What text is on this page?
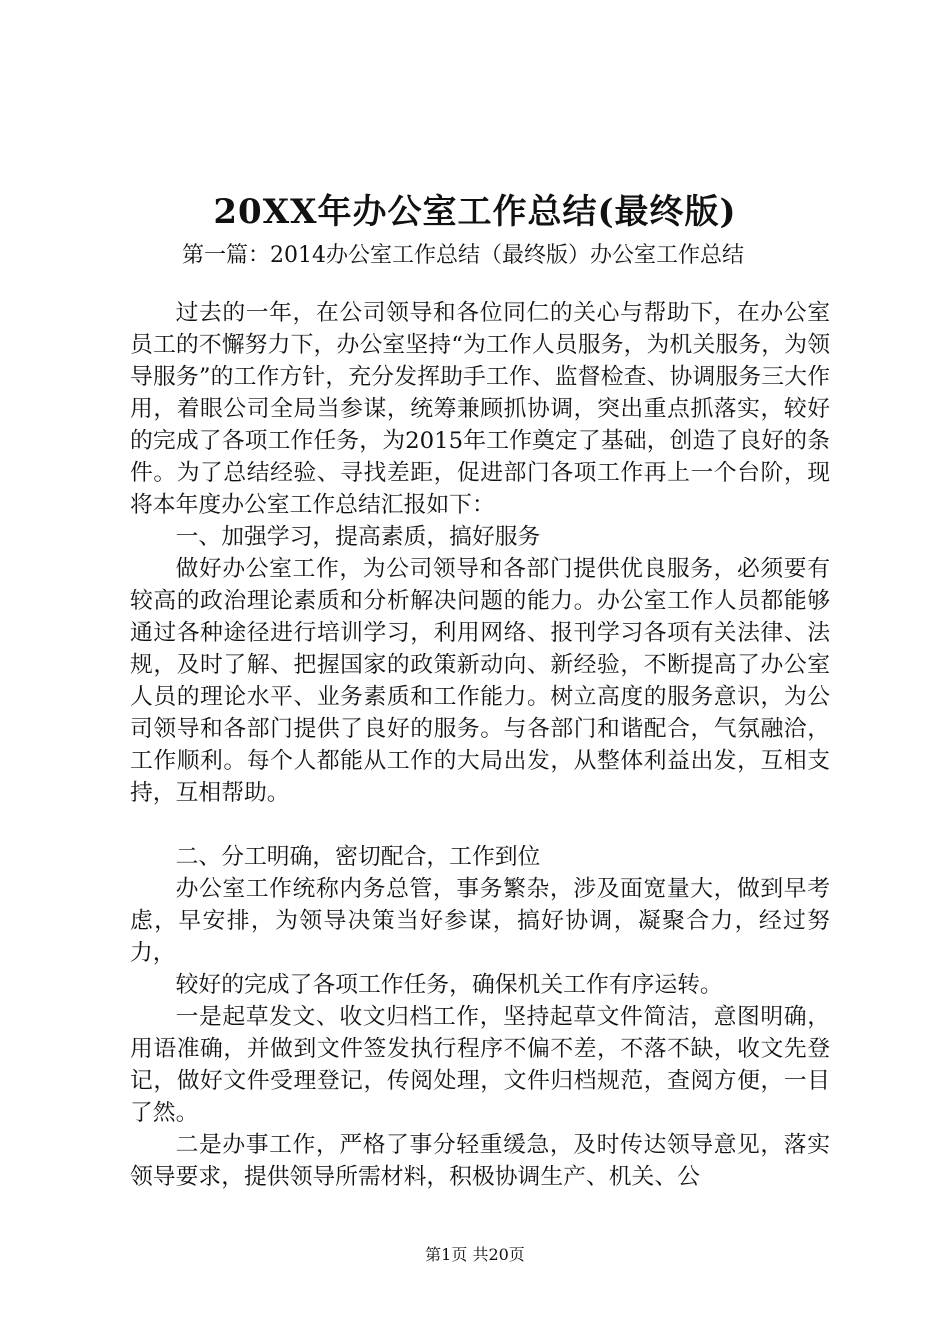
20XX年办公室工作总结(最终版)
第一篇：2014办公室工作总结（最终版）办公室工作总结

过去的一年，在公司领导和各位同仁的关心与帮助下，在办公室员工的不懈努力下，办公室坚持“为工作人员服务，为机关服务，为领导服务”的工作方针，充分发挥助手工作、监督检查、协调服务三大作用，着眼公司全局当参谋，统筹兼顾抓协调，突出重点抓落实，较好的完成了各项工作任务，为2015年工作奠定了基础，创造了良好的条件。为了总结经验、寻找差距，促进部门各项工作再上一个台阶，现将本年度办公室工作总结汇报如下：

一、加强学习，提高素质，搞好服务

做好办公室工作，为公司领导和各部门提供优良服务，必须要有较高的政治理论素质和分析解决问题的能力。办公室工作人员都能够通过各种途径进行培训学习，利用网络、报刊学习各项有关法律、法规，及时了解、把握国家的政策新动向、新经验，不断提高了办公室人员的理论水平、业务素质和工作能力。树立高度的服务意识，为公司领导和各部门提供了良好的服务。与各部门和谐配合，气氛融洽，工作顺利。每个人都能从工作的大局出发，从整体利益出发，互相支持，互相帮助。

二、分工明确，密切配合，工作到位

办公室工作统称内务总管，事务繁杂，涉及面宽量大，做到早考虑，早安排，为领导决策当好参谋，搞好协调，凝聚合力，经过努力，

较好的完成了各项工作任务，确保机关工作有序运转。

一是起草发文、收文归档工作，坚持起草文件简洁，意图明确，用语准确，并做到文件签发执行程序不偏不差，不落不缺，收文先登记，做好文件受理登记，传阅处理，文件归档规范，查阅方便，一目了然。

二是办事工作，严格了事分轻重缓急，及时传达领导意见，落实领导要求，提供领导所需材料，积极协调生产、机关、公

第1页 共20页
